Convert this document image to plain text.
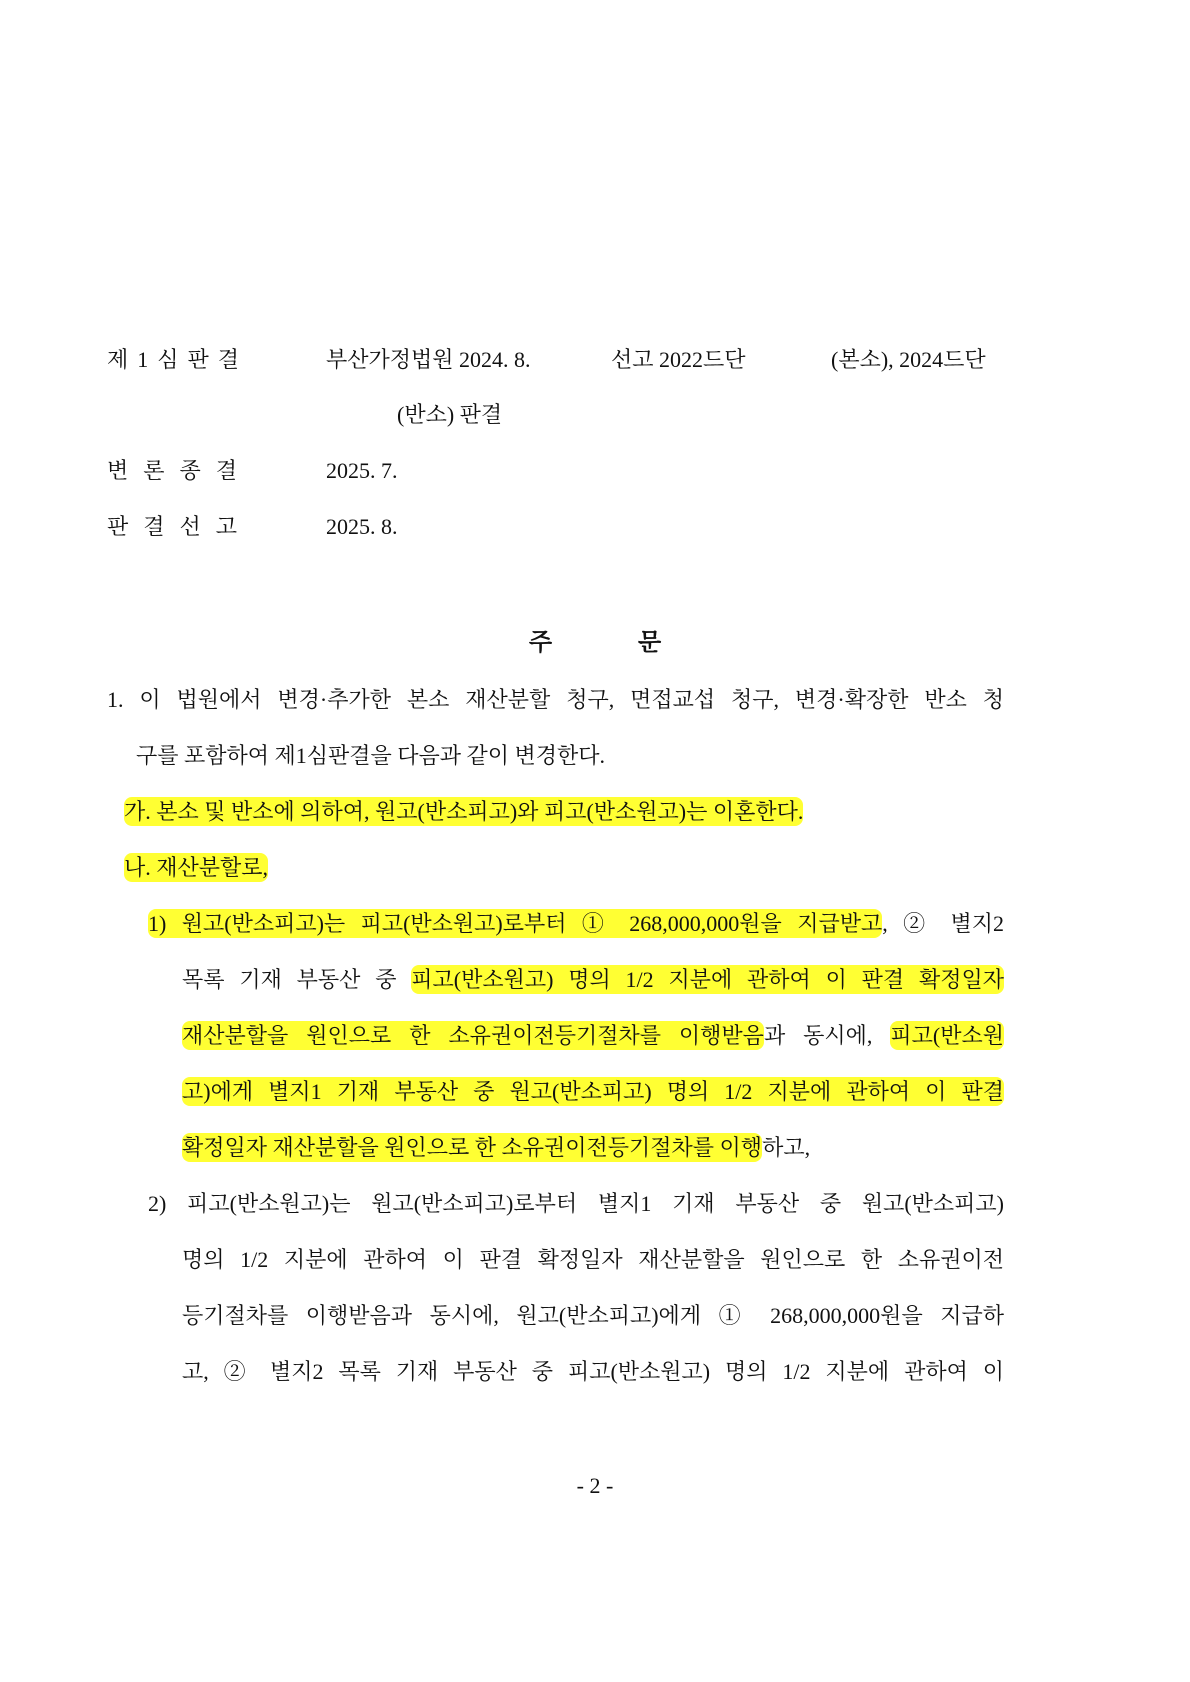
제1심판결	부산가정법원 2024. 8.	선고 2022드단	(본소), 2024드단
(반소) 판결
변론종결	2025. 7.
판결선고	2025. 8.
주 문
1. 이 법원에서 변경·추가한 본소 재산분할 청구, 면접교섭 청구, 변경·확장한 반소 청
구를 포함하여 제1심판결을 다음과 같이 변경한다.
가. 본소 및 반소에 의하여, 원고(반소피고)와 피고(반소원고)는 이혼한다.
나. 재산분할로,
1) 원고(반소피고)는 피고(반소원고)로부터 ① 268,000,000원을 지급받고, ② 별지2
목록 기재 부동산 중 피고(반소원고) 명의 1/2 지분에 관하여 이 판결 확정일자
재산분할을 원인으로 한 소유권이전등기절차를 이행받음과 동시에, 피고(반소원
고)에게 별지1 기재 부동산 중 원고(반소피고) 명의 1/2 지분에 관하여 이 판결
확정일자 재산분할을 원인으로 한 소유권이전등기절차를 이행하고,
2) 피고(반소원고)는 원고(반소피고)로부터 별지1 기재 부동산 중 원고(반소피고)
명의 1/2 지분에 관하여 이 판결 확정일자 재산분할을 원인으로 한 소유권이전
등기절차를 이행받음과 동시에, 원고(반소피고)에게 ① 268,000,000원을 지급하
고, ② 별지2 목록 기재 부동산 중 피고(반소원고) 명의 1/2 지분에 관하여 이
- 2 -
